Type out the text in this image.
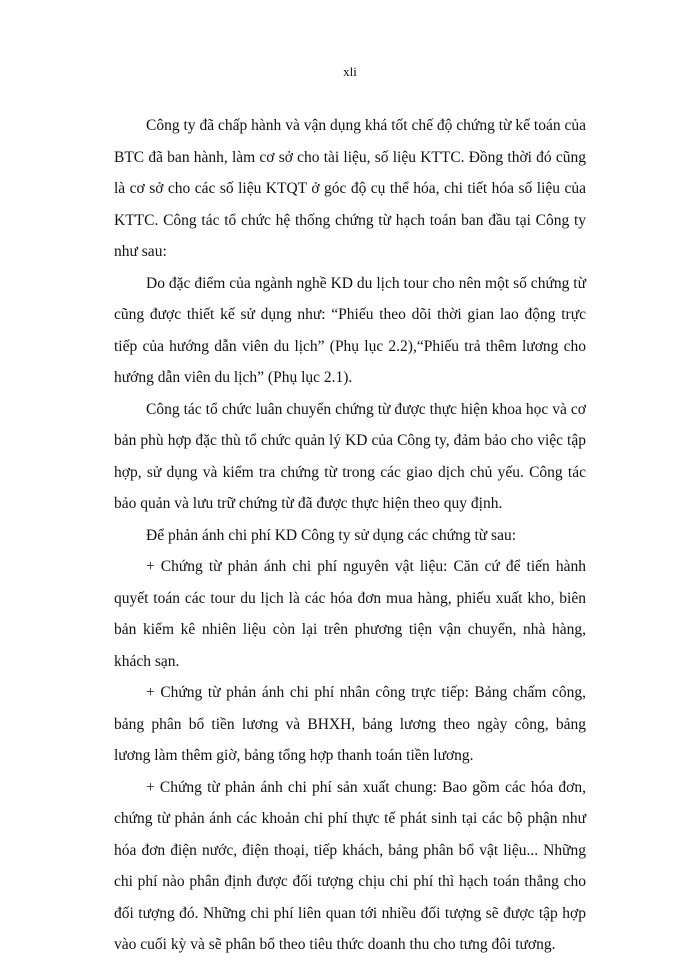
xli

Công ty đã chấp hành và vận dụng khá tốt chế độ chứng từ kế toán của BTC đã ban hành, làm cơ sở cho tài liệu, số liệu KTTC. Đồng thời đó cũng là cơ sở cho các số liệu KTQT ở góc độ cụ thể hóa, chi tiết hóa số liệu của KTTC. Công tác tổ chức hệ thống chứng từ hạch toán ban đầu tại Công ty như sau:

Do đặc điểm của ngành nghề KD du lịch tour cho nên một số chứng từ cũng được thiết kế sử dụng như: “Phiếu theo dõi thời gian lao động trực tiếp của hướng dẫn viên du lịch” (Phụ lục 2.2),“Phiếu trả thêm lương cho hướng dẫn viên du lịch” (Phụ lục 2.1).

Công tác tổ chức luân chuyển chứng từ được thực hiện khoa học và cơ bản phù hợp đặc thù tổ chức quản lý KD của Công ty, đảm bảo cho việc tập hợp, sử dụng và kiểm tra chứng từ trong các giao dịch chủ yếu. Công tác bảo quản và lưu trữ chứng từ đã được thực hiện theo quy định.

Để phản ánh chi phí KD Công ty sử dụng các chứng từ sau:

+ Chứng từ phản ánh chi phí nguyên vật liệu: Căn cứ để tiến hành quyết toán các tour du lịch là các hóa đơn mua hàng, phiếu xuất kho, biên bản kiểm kê nhiên liệu còn lại trên phương tiện vận chuyển, nhà hàng, khách sạn.

+ Chứng từ phản ánh chi phí nhân công trực tiếp: Bảng chấm công, bảng phân bổ tiền lương và BHXH, bảng lương theo ngày công, bảng lương làm thêm giờ, bảng tổng hợp thanh toán tiền lương.

+ Chứng từ phản ánh chi phí sản xuất chung: Bao gồm các hóa đơn, chứng từ phản ánh các khoản chi phí thực tế phát sinh tại các bộ phận như hóa đơn điện nước, điện thoại, tiếp khách, bảng phân bổ vật liệu... Những chi phí nào phân định được đối tượng chịu chi phí thì hạch toán thẳng cho đối tượng đó. Những chi phí liên quan tới nhiều đối tượng sẽ được tập hợp vào cuối kỳ và sẽ phân bổ theo tiêu thức doanh thu cho tưng đôi tương.
